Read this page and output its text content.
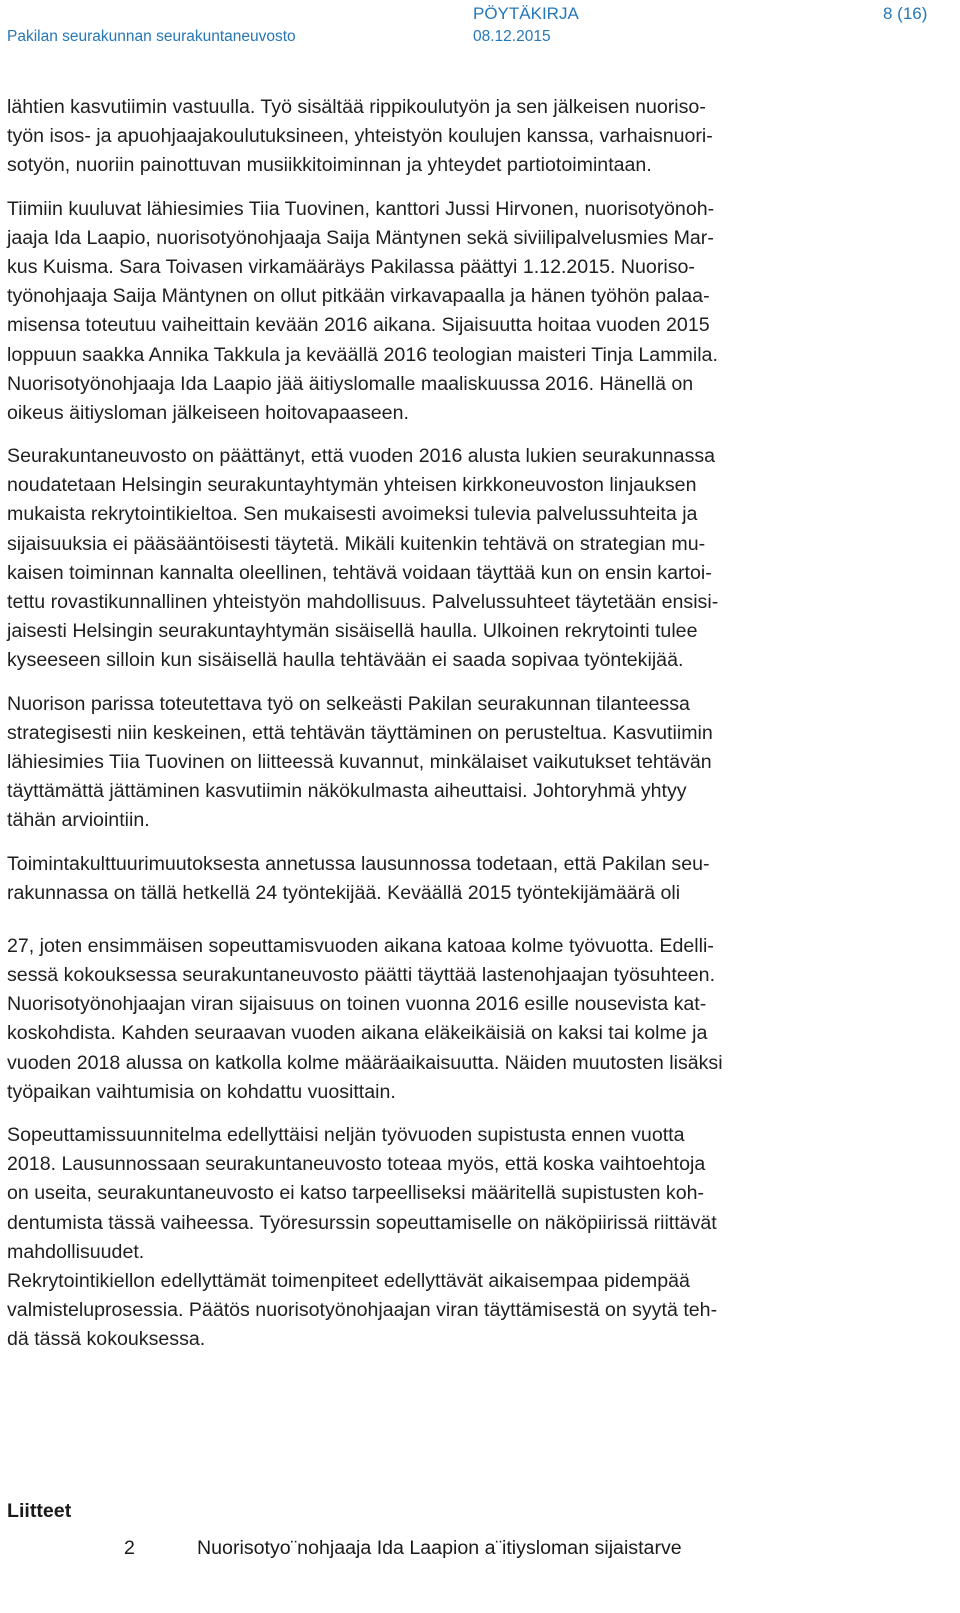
Pakilan seurakunnan seurakuntaneuvosto
PÖYTÄKIRJA
08.12.2015
8 (16)
lähtien kasvutiimin vastuulla. Työ sisältää rippikoulutyön ja sen jälkeisen nuoriso-
työn isos- ja apuohjaajakoulutuksineen, yhteistyön koulujen kanssa, varhaisnuori-
sotyön, nuoriin painottuvan musiikkitoiminnan ja yhteydet partiotoimintaan.
Tiimiin kuuluvat lähiesimies Tiia Tuovinen, kanttori Jussi Hirvonen, nuorisotyönoh-
jaaja Ida Laapio, nuorisotyönohjaaja Saija Mäntynen sekä siviilipalvelusmies Mar-
kus Kuisma. Sara Toivasen virkamääräys Pakilassa päättyi 1.12.2015. Nuoriso-
työnohjaaja Saija Mäntynen on ollut pitkään virkavapaalla ja hänen työhön palaa-
misensa toteutuu vaiheittain kevään 2016 aikana. Sijaisuutta hoitaa vuoden 2015
loppuun saakka Annika Takkula ja keväällä 2016 teologian maisteri Tinja Lammila.
Nuorisotyönohjaaja Ida Laapio jää äitiyslomalle maaliskuussa 2016. Hänellä on
oikeus äitiysloman jälkeiseen hoitovapaaseen.
Seurakuntaneuvosto on päättänyt, että vuoden 2016 alusta lukien seurakunnassa
noudatetaan Helsingin seurakuntayhtymän yhteisen kirkkoneuvoston linjauksen
mukaista rekrytointikieltoa. Sen mukaisesti avoimeksi tulevia palvelussuhteita ja
sijaisuuksia ei pääsääntöisesti täytetä. Mikäli kuitenkin tehtävä on strategian mu-
kaisen toiminnan kannalta oleellinen, tehtävä voidaan täyttää kun on ensin kartoi-
tettu rovastikunnallinen yhteistyön mahdollisuus. Palvelussuhteet täytetään ensisi-
jaisesti Helsingin seurakuntayhtymän sisäisellä haulla. Ulkoinen rekrytointi tulee
kyseeseen silloin kun sisäisellä haulla tehtävään ei saada sopivaa työntekijää.
Nuorison parissa toteutettava työ on selkeästi Pakilan seurakunnan tilanteessa
strategisesti niin keskeinen, että tehtävän täyttäminen on perusteltua. Kasvutiimin
lähiesimies Tiia Tuovinen on liitteessä kuvannut, minkälaiset vaikutukset tehtävän
täyttämättä jättäminen kasvutiimin näkökulmasta aiheuttaisi. Johtoryhmä yhtyy
tähän arviointiin.
Toimintakulttuurimuutoksesta annetussa lausunnossa todetaan, että Pakilan seu-
rakunnassa on tällä hetkellä 24 työntekijää. Keväällä 2015 työntekijämäärä oli
27, joten ensimmäisen sopeuttamisvuoden aikana katoaa kolme työvuotta. Edelli-
sessä kokouksessa seurakuntaneuvosto päätti täyttää lastenohjaajan työsuhteen.
Nuorisotyönohjaajan viran sijaisuus on toinen vuonna 2016 esille nousevista kat-
koskohdista. Kahden seuraavan vuoden aikana eläkeikäisiä on kaksi tai kolme ja
vuoden 2018 alussa on katkolla kolme määräaikaisuutta. Näiden muutosten lisäksi
työpaikan vaihtumisia on kohdattu vuosittain.
Sopeuttamissuunnitelma edellyttäisi neljän työvuoden supistusta ennen vuotta
2018. Lausunnossaan seurakuntaneuvosto toteaa myös, että koska vaihtoehtoja
on useita, seurakuntaneuvosto ei katso tarpeelliseksi määritellä supistusten koh-
dentumista tässä vaiheessa. Työresurssin sopeuttamiselle on näköpiirissä riittävät
mahdollisuudet.
Rekrytointikiellon edellyttämät toimenpiteet edellyttävät aikaisempaa pidempää
valmisteluprosessia. Päätös nuorisotyönohjaajan viran täyttämisestä on syytä teh-
dä tässä kokouksessa.
Liitteet
2	Nuorisotyo¨nohjaaja Ida Laapion a¨itiysloman sijaistarve
